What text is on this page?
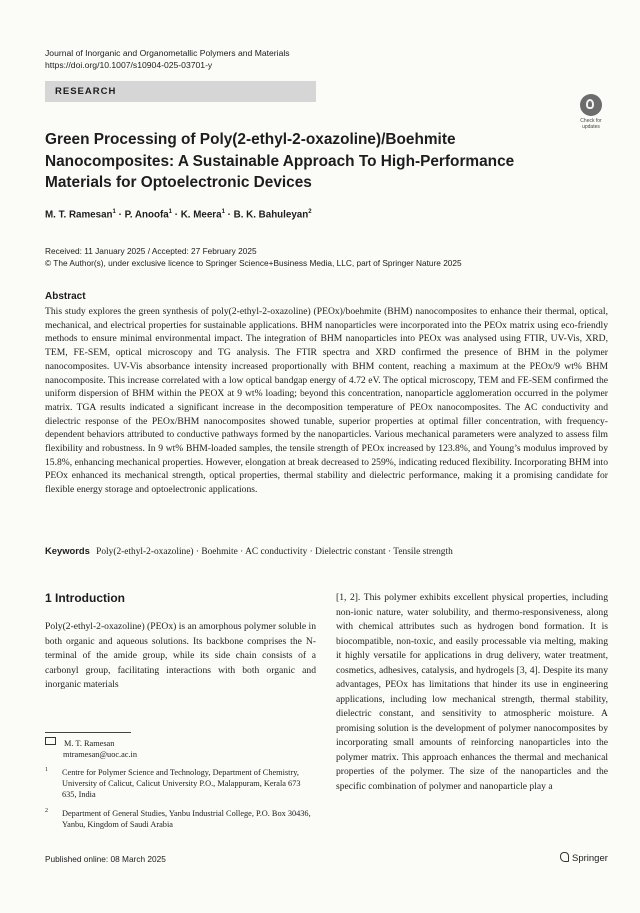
Journal of Inorganic and Organometallic Polymers and Materials
https://doi.org/10.1007/s10904-025-03701-y
RESEARCH
Check for updates
Green Processing of Poly(2-ethyl-2-oxazoline)/Boehmite Nanocomposites: A Sustainable Approach To High-Performance Materials for Optoelectronic Devices
M. T. Ramesan$^1$ · P. Anoofa$^1$ · K. Meera$^1$ · B. K. Bahuleyan$^2$
Received: 11 January 2025 / Accepted: 27 February 2025
© The Author(s), under exclusive licence to Springer Science+Business Media, LLC, part of Springer Nature 2025
Abstract

This study explores the green synthesis of poly(2-ethyl-2-oxazoline) (PEOx)/boehmite (BHM) nanocomposites to enhance their thermal, optical, mechanical, and electrical properties for sustainable applications. BHM nanoparticles were incorporated into the PEOx matrix using eco-friendly methods to ensure minimal environmental impact. The integration of BHM nanoparticles into PEOx was analysed using FTIR, UV-Vis, XRD, TEM, FE-SEM, optical microscopy and TG analysis. The FTIR spectra and XRD confirmed the presence of BHM in the polymer nanocomposites. UV-Vis absorbance intensity increased proportionally with BHM content, reaching a maximum at the PEOx/9 wt% BHM nanocomposite. This increase correlated with a low optical bandgap energy of 4.72 eV. The optical microscopy, TEM and FE-SEM confirmed the uniform dispersion of BHM within the PEOX at 9 wt% loading; beyond this concentration, nanoparticle agglomeration occurred in the polymer matrix. TGA results indicated a significant increase in the decomposition temperature of PEOx nanocomposites. The AC conductivity and dielectric response of the PEOx/BHM nanocomposites showed tunable, superior properties at optimal filler concentration, with frequency-dependent behaviors attributed to conductive pathways formed by the nanoparticles. Various mechanical parameters were analyzed to assess film flexibility and robustness. In 9 wt% BHM-loaded samples, the tensile strength of PEOx increased by 123.8%, and Young’s modulus improved by 15.8%, enhancing mechanical properties. However, elongation at break decreased to 259%, indicating reduced flexibility. Incorporating BHM into PEOx enhanced its mechanical strength, optical properties, thermal stability and dielectric performance, making it a promising candidate for flexible energy storage and optoelectronic applications.

Keywords Poly(2-ethyl-2-oxazoline) · Boehmite · AC conductivity · Dielectric constant · Tensile strength
1 Introduction

Poly(2-ethyl-2-oxazoline) (PEOx) is an amorphous polymer soluble in both organic and aqueous solutions. Its backbone comprises the N-terminal of the amide group, while its side chain consists of a carbonyl group, facilitating interactions with both organic and inorganic materials

[1, 2]. This polymer exhibits excellent physical properties, including non-ionic nature, water solubility, and thermo-responsiveness, along with chemical attributes such as hydrogen bond formation. It is biocompatible, non-toxic, and easily processable via melting, making it highly versatile for applications in drug delivery, water treatment, cosmetics, adhesives, catalysis, and hydrogels [3, 4]. Despite its many advantages, PEOx has limitations that hinder its use in engineering applications, including low mechanical strength, thermal stability, dielectric constant, and sensitivity to atmospheric moisture. A promising solution is the development of polymer nanocomposites by incorporating small amounts of reinforcing nanoparticles into the polymer matrix. This approach enhances the thermal and mechanical properties of the polymer. The size of the nanoparticles and the specific combination of polymer and nanoparticle play a

M. T. Ramesan
mtramesan@uoc.ac.in
1 Centre for Polymer Science and Technology, Department of Chemistry, University of Calicut, Calicut University P.O., Malappuram, Kerala 673 635, India
2 Department of General Studies, Yanbu Industrial College, P.O. Box 30436, Yanbu, Kingdom of Saudi Arabia
Published online: 08 March 2025	Springer
